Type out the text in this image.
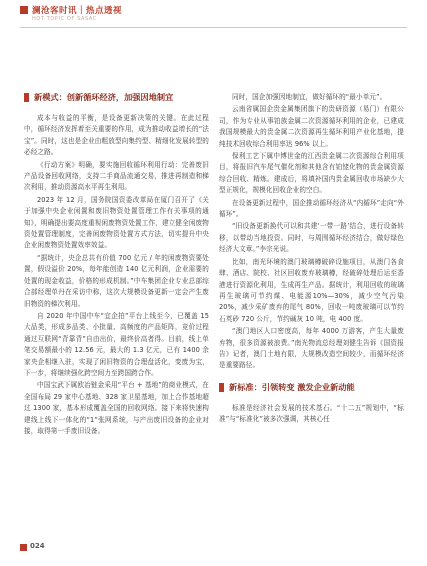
澜沧客时讯｜热点透视
HOT TOPIC OF SASAC
新模式：创新循环经济，加强因地制宜

成本与收益的平衡，是设备更新决策的关键。在此过程中，循环经济发挥着至关重要的作用，成为推动收益增长的“法宝”。同时，这也是企业由粗放型向集约型、精细化发展转型的必经之路。

《行动方案》明确，要实施回收循环利用行动：完善废旧产品设备回收网络，支持二手商品流通交易，推进再制造和梯次利用，推动资源高水平再生利用。

2023 年 12 月，国务院国资委改革局在厦门召开了《关于加强中央企业闲置和废旧物资处置管理工作有关事项的通知》，明确提出要高度重视闲废物资处置工作，建立健全闲废物资处置管理制度，完善闲废物资处置方式方法，切实提升中央企业闲废物资处置效率效益。

“据统计，央企总共有价值 700 亿元 / 年的闲废物资要处置，假设溢价 20%，每年能创造 140 亿元利润，企业需要的处置的现金收益，价格的形成机制。”中车集团企业专业总部综合部经理单丹在采访中称，这次大规模设备更新一定会产生废旧物资的梯次利用。

自 2020 年中国中车“宜企拍”平台上线至今，已覆盖 15 大品类，形成多品类、小批量、高频度的产品矩阵，竞价过程通过互联网“背靠背”自由出价，最终价高者得。目前，线上单笔交易额最小的 12.56 元，最大的 1.3 亿元，已有 1400 余家央企相继入驻，实现了闲旧物资的合理盘活化，变废为宝，下一步，将继续强化跨空间力至跨国跨合作。

中国宝武下属欧冶链金采用“平台 + 基地”的商业模式，在全国布局 29 家中心基地、328 家卫星基地，加上合作基地超过 1300 家，基本形成覆盖全国的回收网络。接下来将快速构建线上线下一体化的“1”张网系统，与产出废旧设备的企业对接，取得第一手废旧设备。

同时，国企加强因地制宜，做好循环的“最小单元”。

云南省属国企贵金属集团旗下的贵研资源（易门）有限公司，作为专业从事铂族金属二次资源循环利用的企业，已建成我国规模最大的贵金属二次资源再生循环利用产业化基地，提纯技术回收综合利用率达 96% 以上。

保利工艺下属中博世金的江西贵金属二次资源综合利用项目，将报旧汽车尾气催化剂和其他含有铂铑化物的贵金属资源综合回收、精炼。建成后，将填补国内贵金属回收市场缺少大型正规化，规模化回收企业的空白。

在设备更新过程中，国企推动循环经济从“内循环”走向“外循环”。

“旧设备更新换代可以和共建‘一带一路’结合，进行设备转移，以带动当地投资。同时，与周围循环经济结合，做好绿色经济大文章。”李宗光说。

比如，南光环境的澳门玻璃樽破碎设施项目，从澳门各食肆、酒店、院校、社区回收废弃玻璃樽，经破碎处理后运至香港进行资源化利用，生成再生产品。据统计，利用回收的玻璃再生玻璃可节约煤、电能源10%—30%，减少空气污染 20%，减少采矿废弃的尾气 80%，回收一吨废玻璃可以节约石英砂 720 公斤，节约碱灰 10 吨，电 400 度。

“澳门地区人口密度高，每年 4000 万游客，产生大量废弃物，很多资源被浪费。”南光物流总经理刘健生告诉《国资报告》记者，澳门土地有限，大规模改造空间较少，而循环经济是重要路径。

新标准：引领转变 激发企业新动能

标准是经济社会发展的技术基石。“十二五”规划中，“标准”与“标准化”被多次强调，其核心任

024
